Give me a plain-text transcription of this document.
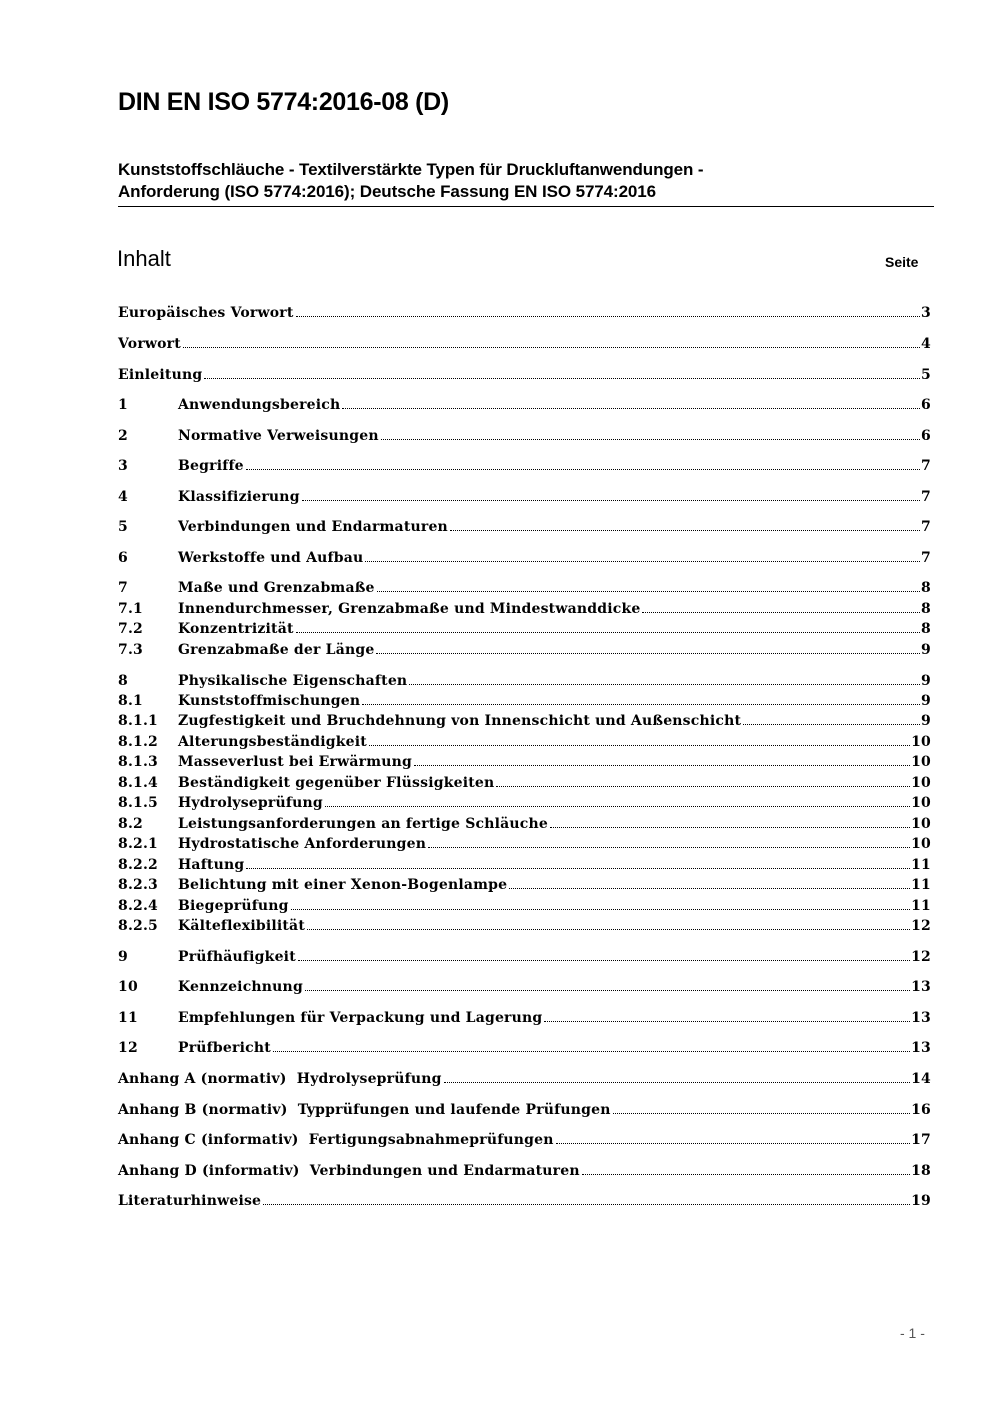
DIN EN ISO 5774:2016-08 (D)
Kunststoffschläuche - Textilverstärkte Typen für Druckluftanwendungen -
Anforderung (ISO 5774:2016); Deutsche Fassung EN ISO 5774:2016
Inhalt	Seite
Europäisches Vorwort	3
Vorwort	4
Einleitung	5
1	Anwendungsbereich	6
2	Normative Verweisungen	6
3	Begriffe	7
4	Klassifizierung	7
5	Verbindungen und Endarmaturen	7
6	Werkstoffe und Aufbau	7
7	Maße und Grenzabmaße	8
7.1	Innendurchmesser, Grenzabmaße und Mindestwanddicke	8
7.2	Konzentrizität	8
7.3	Grenzabmaße der Länge	9
8	Physikalische Eigenschaften	9
8.1	Kunststoffmischungen	9
8.1.1	Zugfestigkeit und Bruchdehnung von Innenschicht und Außenschicht	9
8.1.2	Alterungsbeständigkeit	10
8.1.3	Masseverlust bei Erwärmung	10
8.1.4	Beständigkeit gegenüber Flüssigkeiten	10
8.1.5	Hydrolyseprüfung	10
8.2	Leistungsanforderungen an fertige Schläuche	10
8.2.1	Hydrostatische Anforderungen	10
8.2.2	Haftung	11
8.2.3	Belichtung mit einer Xenon-Bogenlampe	11
8.2.4	Biegeprüfung	11
8.2.5	Kälteflexibilität	12
9	Prüfhäufigkeit	12
10	Kennzeichnung	13
11	Empfehlungen für Verpackung und Lagerung	13
12	Prüfbericht	13
Anhang A (normativ)  Hydrolyseprüfung	14
Anhang B (normativ)  Typprüfungen und laufende Prüfungen	16
Anhang C (informativ)  Fertigungsabnahmeprüfungen	17
Anhang D (informativ)  Verbindungen und Endarmaturen	18
Literaturhinweise	19
- 1 -
